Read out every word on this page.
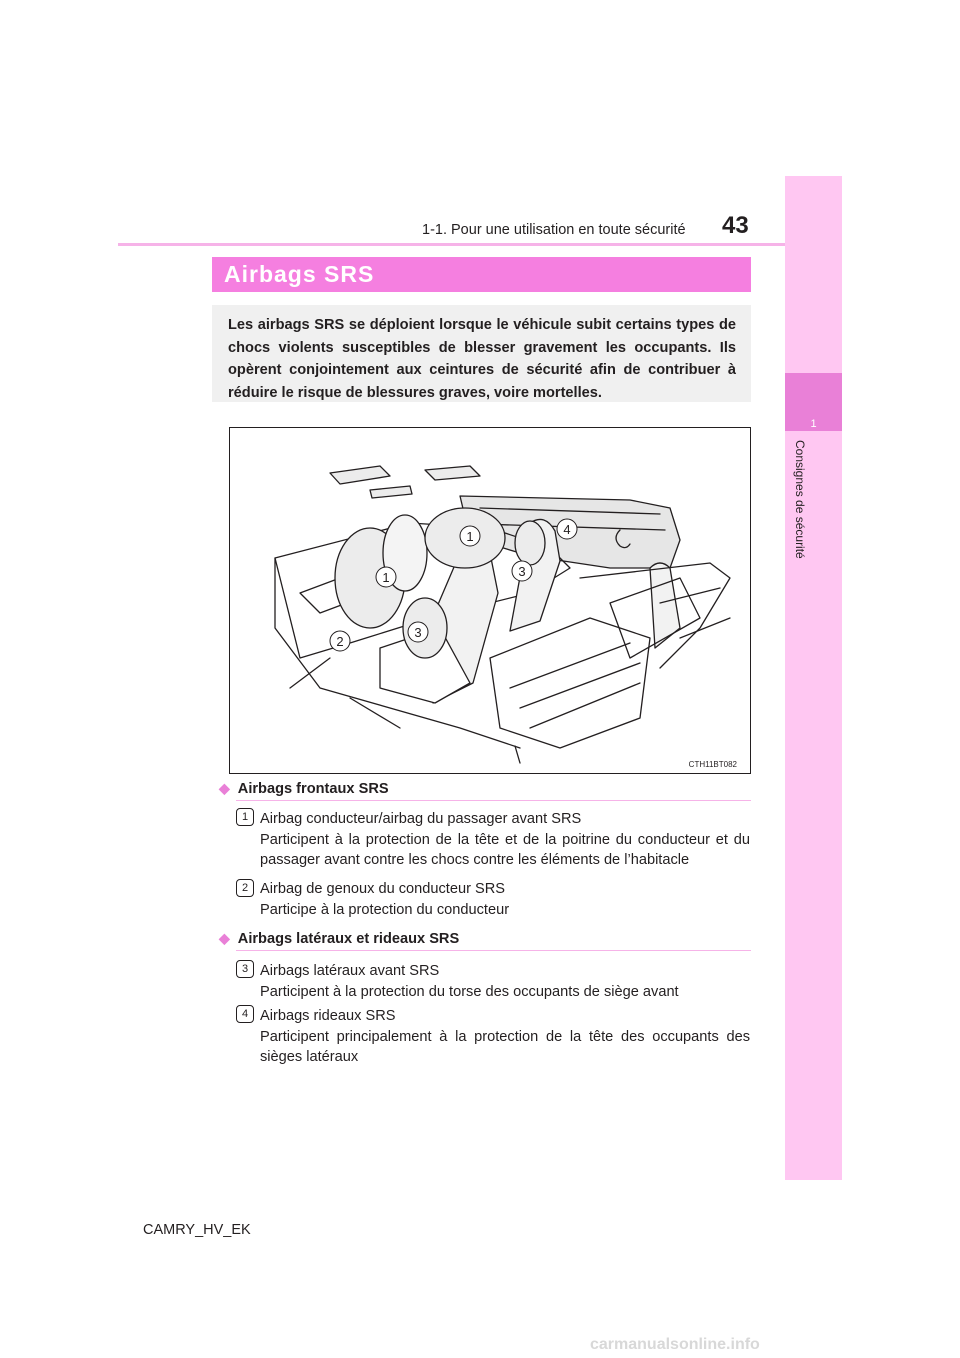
1-1. Pour une utilisation en toute sécurité 43
1
Consignes de sécurité
Airbags SRS

Les airbags SRS se déploient lorsque le véhicule subit certains types de chocs violents susceptibles de blesser gravement les occupants. Ils opèrent conjointement aux ceintures de sécurité afin de contribuer à réduire le risque de blessures graves, voire mortelles.

1
1
2
3
3
4
CTH11BT082
◆ Airbags frontaux SRS
1 Airbag conducteur/airbag du passager avant SRS
Participent à la protection de la tête et de la poitrine du conducteur et du passager avant contre les chocs contre les éléments de l’habitacle
2 Airbag de genoux du conducteur SRS
Participe à la protection du conducteur
◆ Airbags latéraux et rideaux SRS
3 Airbags latéraux avant SRS
Participent à la protection du torse des occupants de siège avant
4 Airbags rideaux SRS
Participent principalement à la protection de la tête des occupants des sièges latéraux
CAMRY_HV_EK
carmanualsonline.info
